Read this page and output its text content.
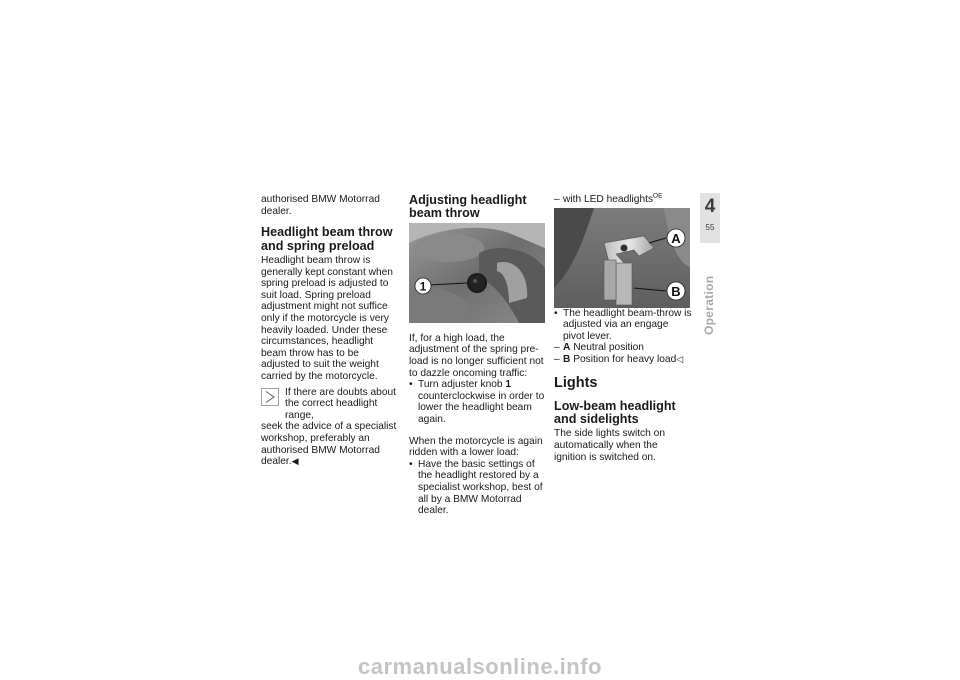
authorised BMW Motorrad dealer.

Headlight beam throw and spring preload

Headlight beam throw is generally kept constant when spring preload is adjusted to suit load. Spring preload adjustment might not suffice only if the motorcycle is very heavily loaded. Under these circumstances, headlight beam throw has to be adjusted to suit the weight carried by the motorcycle.

If there are doubts about the correct headlight range,

seek the advice of a specialist workshop, preferably an authorised BMW Motorrad dealer.◀

Adjusting headlight beam throw
1

If, for a high load, the adjustment of the spring pre-load is no longer sufficient not to dazzle oncoming traffic:

• Turn adjuster knob 1 counterclockwise in order to lower the headlight beam again.

When the motorcycle is again ridden with a lower load:

• Have the basic settings of the headlight restored by a specialist workshop, best of all by a BMW Motorrad dealer.
– with LED headlights$^{OE}$
A
B
• The headlight beam-throw is adjusted via an engage pivot lever.
– A Neutral position
– B Position for heavy load◁
Lights
Low-beam headlight and sidelights

The side lights switch on automatically when the ignition is switched on.

4
55
Operation
carmanualsonline.info
